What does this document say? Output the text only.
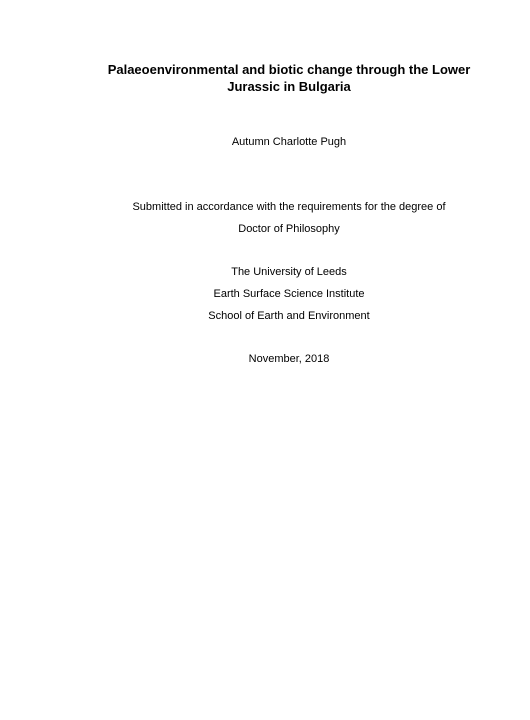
Palaeoenvironmental and biotic change through the Lower
Jurassic in Bulgaria
Autumn Charlotte Pugh
Submitted in accordance with the requirements for the degree of
Doctor of Philosophy
The University of Leeds
Earth Surface Science Institute
School of Earth and Environment
November, 2018
